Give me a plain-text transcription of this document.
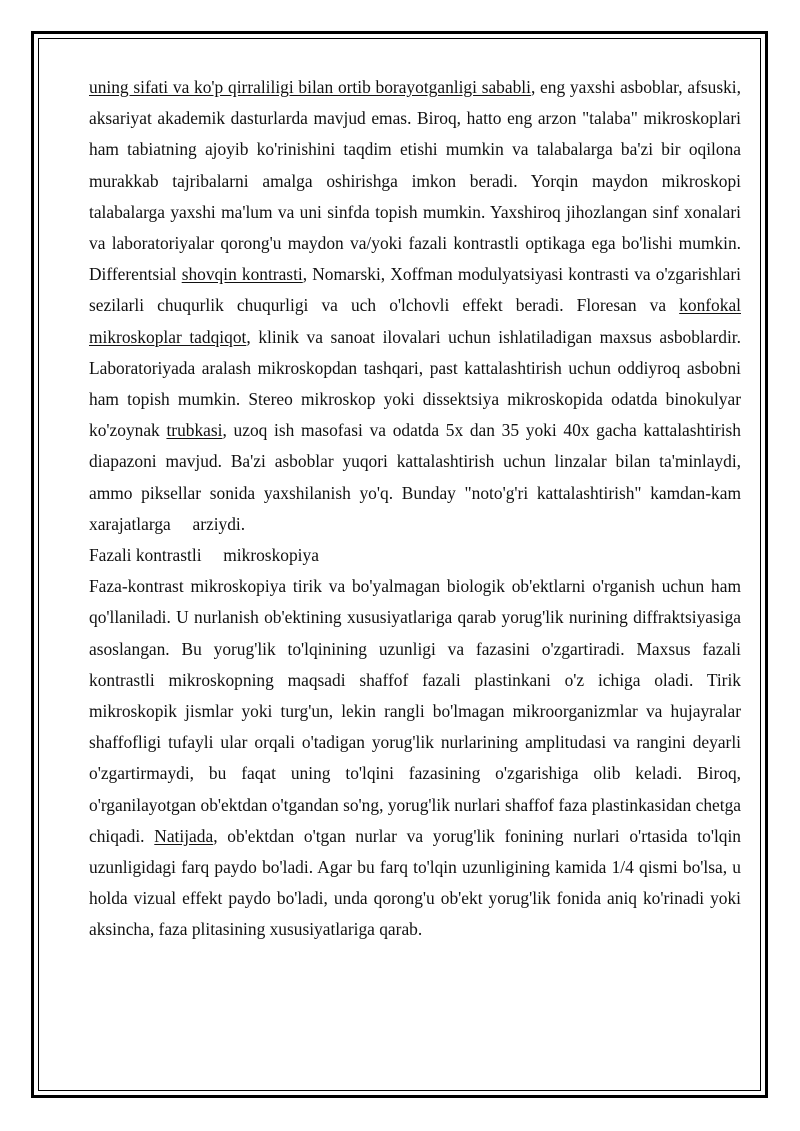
uning sifati va ko'p qirraliligi bilan ortib borayotganligi sababli, eng yaxshi asboblar, afsuski, aksariyat akademik dasturlarda mavjud emas. Biroq, hatto eng arzon "talaba" mikroskoplari ham tabiatning ajoyib ko'rinishini taqdim etishi mumkin va talabalarga ba'zi bir oqilona murakkab tajribalarni amalga oshirishga imkon beradi. Yorqin maydon mikroskopi talabalarga yaxshi ma'lum va uni sinfda topish mumkin. Yaxshiroq jihozlangan sinf xonalari va laboratoriyalar qorong'u maydon va/yoki fazali kontrastli optikaga ega bo'lishi mumkin. Differentsial shovqin kontrasti, Nomarski, Xoffman modulyatsiyasi kontrasti va o'zgarishlari sezilarli chuqurlik chuqurligi va uch o'lchovli effekt beradi. Floresan va konfokal mikroskoplar tadqiqot, klinik va sanoat ilovalari uchun ishlatiladigan maxsus asboblardir. Laboratoriyada aralash mikroskopdan tashqari, past kattalashtirish uchun oddiyroq asbobni ham topish mumkin. Stereo mikroskop yoki dissektsiya mikroskopida odatda binokulyar ko'zoynak trubkasi, uzoq ish masofasi va odatda 5x dan 35 yoki 40x gacha kattalashtirish diapazoni mavjud. Ba'zi asboblar yuqori kattalashtirish uchun linzalar bilan ta'minlaydi, ammo piksellar sonida yaxshilanish yo'q. Bunday "noto'g'ri kattalashtirish" kamdan-kam xarajatlarga     arziydi.

Fazali kontrastli     mikroskopiya

Faza-kontrast mikroskopiya tirik va bo'yalmagan biologik ob'ektlarni o'rganish uchun ham qo'llaniladi. U nurlanish ob'ektining xususiyatlariga qarab yorug'lik nurining diffraktsiyasiga asoslangan. Bu yorug'lik to'lqinining uzunligi va fazasini o'zgartiradi. Maxsus fazali kontrastli mikroskopning maqsadi shaffof fazali plastinkani o'z ichiga oladi. Tirik mikroskopik jismlar yoki turg'un, lekin rangli bo'lmagan mikroorganizmlar va hujayralar shaffofligi tufayli ular orqali o'tadigan yorug'lik nurlarining amplitudasi va rangini deyarli o'zgartirmaydi, bu faqat uning to'lqini fazasining o'zgarishiga olib keladi. Biroq, o'rganilayotgan ob'ektdan o'tgandan so'ng, yorug'lik nurlari shaffof faza plastinkasidan chetga chiqadi. Natijada, ob'ektdan o'tgan nurlar va yorug'lik fonining nurlari o'rtasida to'lqin uzunligidagi farq paydo bo'ladi. Agar bu farq to'lqin uzunligining kamida 1/4 qismi bo'lsa, u holda vizual effekt paydo bo'ladi, unda qorong'u ob'ekt yorug'lik fonida aniq ko'rinadi yoki aksincha, faza plitasining xususiyatlariga qarab.
